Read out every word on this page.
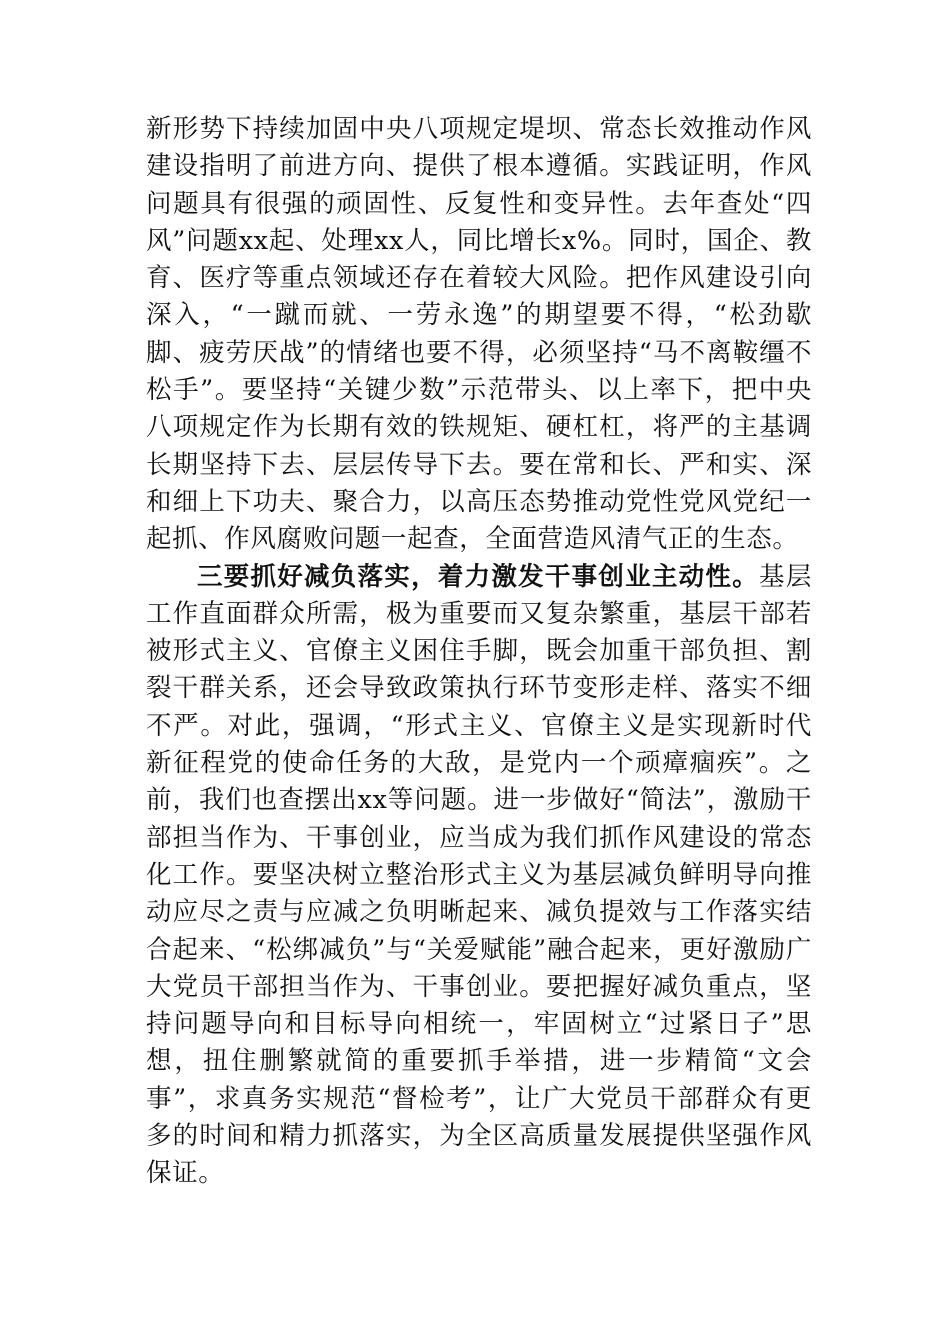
新形势下持续加固中央八项规定堤坝、常态长效推动作风建设指明了前进方向、提供了根本遵循。实践证明，作风问题具有很强的顽固性、反复性和变异性。去年查处“四风”问题xx起、处理xx人，同比增长x%。同时，国企、教育、医疗等重点领域还存在着较大风险。把作风建设引向深入，“一蹴而就、一劳永逸”的期望要不得，“松劲歇脚、疲劳厌战”的情绪也要不得，必须坚持“马不离鞍缰不松手”。要坚持“关键少数”示范带头、以上率下，把中央八项规定作为长期有效的铁规矩、硬杠杠，将严的主基调长期坚持下去、层层传导下去。要在常和长、严和实、深和细上下功夫、聚合力，以高压态势推动党性党风党纪一起抓、作风腐败问题一起查，全面营造风清气正的生态。

三要抓好减负落实，着力激发干事创业主动性。基层工作直面群众所需，极为重要而又复杂繁重，基层干部若被形式主义、官僚主义困住手脚，既会加重干部负担、割裂干群关系，还会导致政策执行环节变形走样、落实不细不严。对此，强调，“形式主义、官僚主义是实现新时代新征程党的使命任务的大敌，是党内一个顽瘴痼疾”。之前，我们也查摆出xx等问题。进一步做好“简法”，激励干部担当作为、干事创业，应当成为我们抓作风建设的常态化工作。要坚决树立整治形式主义为基层减负鲜明导向推动应尽之责与应减之负明晰起来、减负提效与工作落实结合起来、“松绑减负”与“关爱赋能”融合起来，更好激励广大党员干部担当作为、干事创业。要把握好减负重点，坚持问题导向和目标导向相统一，牢固树立“过紧日子”思想，扭住删繁就简的重要抓手举措，进一步精简“文会事”，求真务实规范“督检考”，让广大党员干部群众有更多的时间和精力抓落实，为全区高质量发展提供坚强作风保证。
